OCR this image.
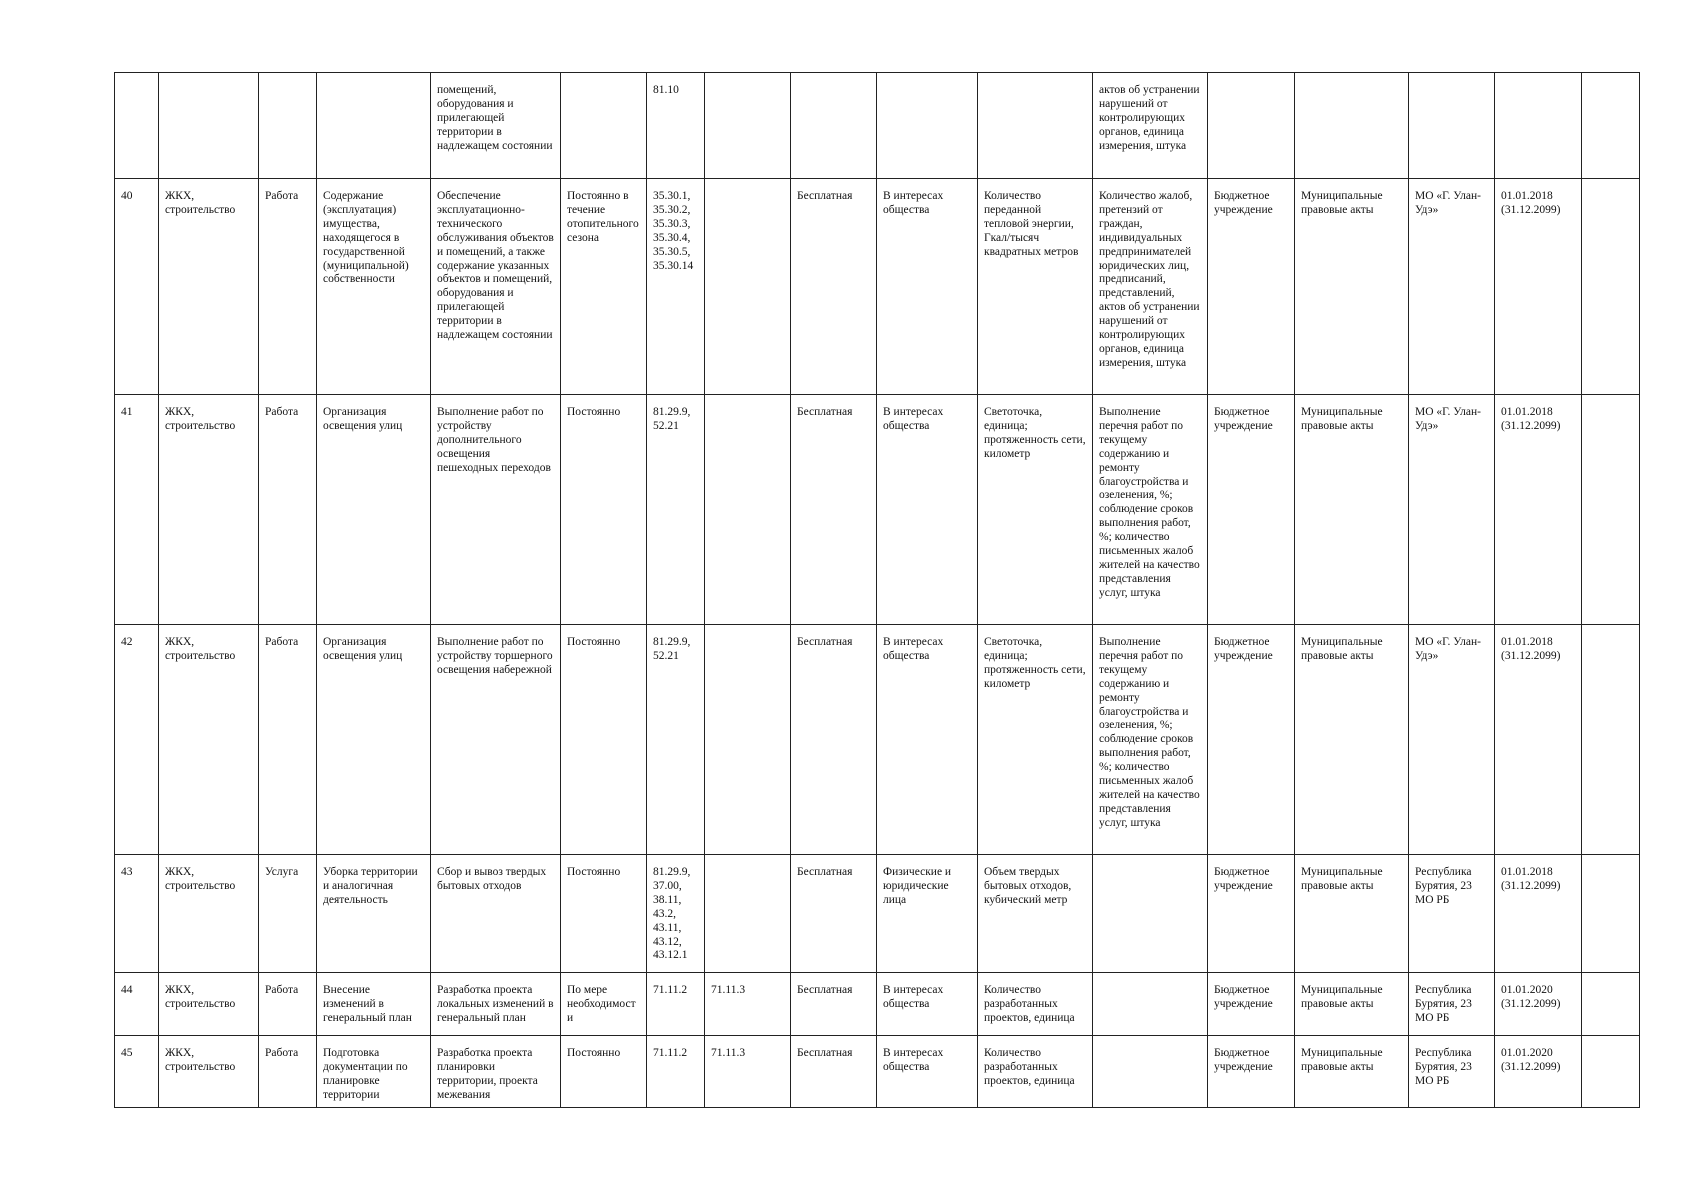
				помещений, оборудования и прилегающей территории в надлежащем состоянии		81.10					актов об устранении нарушений от контролирующих органов, единица измерения, штука					
40	ЖКХ, строительство	Работа	Содержание (эксплуатация) имущества, находящегося в государственной (муниципальной) собственности	Обеспечение эксплуатационно-технического обслуживания объектов и помещений, а также содержание указанных объектов и помещений, оборудования и прилегающей территории в надлежащем состоянии	Постоянно в течение отопительного сезона	35.30.1, 35.30.2, 35.30.3, 35.30.4, 35.30.5, 35.30.14		Бесплатная	В интересах общества	Количество переданной тепловой энергии, Гкал/тысяч квадратных метров	Количество жалоб, претензий от граждан, индивидуальных предпринимателей юридических лиц, предписаний, представлений, актов об устранении нарушений от контролирующих органов, единица измерения, штука	Бюджетное учреждение	Муниципальные правовые акты	МО «Г. Улан-Удэ»	01.01.2018 (31.12.2099)	
41	ЖКХ, строительство	Работа	Организация освещения улиц	Выполнение работ по устройству дополнительного освещения пешеходных переходов	Постоянно	81.29.9, 52.21		Бесплатная	В интересах общества	Светоточка, единица; протяженность сети, километр	Выполнение перечня работ по текущему содержанию и ремонту благоустройства и озеленения, %; соблюдение сроков выполнения работ, %; количество письменных жалоб жителей на качество представления услуг, штука	Бюджетное учреждение	Муниципальные правовые акты	МО «Г. Улан-Удэ»	01.01.2018 (31.12.2099)	
42	ЖКХ, строительство	Работа	Организация освещения улиц	Выполнение работ по устройству торшерного освещения набережной	Постоянно	81.29.9, 52.21		Бесплатная	В интересах общества	Светоточка, единица; протяженность сети, километр	Выполнение перечня работ по текущему содержанию и ремонту благоустройства и озеленения, %; соблюдение сроков выполнения работ, %; количество письменных жалоб жителей на качество представления услуг, штука	Бюджетное учреждение	Муниципальные правовые акты	МО «Г. Улан-Удэ»	01.01.2018 (31.12.2099)	
43	ЖКХ, строительство	Услуга	Уборка территории и аналогичная деятельность	Сбор и вывоз твердых бытовых отходов	Постоянно	81.29.9, 37.00, 38.11, 43.2, 43.11, 43.12, 43.12.1		Бесплатная	Физические и юридические лица	Объем твердых бытовых отходов, кубический метр		Бюджетное учреждение	Муниципальные правовые акты	Республика Бурятия, 23 МО РБ	01.01.2018 (31.12.2099)	
44	ЖКХ, строительство	Работа	Внесение изменений в генеральный план	Разработка проекта локальных изменений в генеральный план	По мере необходимости	71.11.2	71.11.3	Бесплатная	В интересах общества	Количество разработанных проектов, единица		Бюджетное учреждение	Муниципальные правовые акты	Республика Бурятия, 23 МО РБ	01.01.2020 (31.12.2099)	
45	ЖКХ, строительство	Работа	Подготовка документации по планировке территории	Разработка проекта планировки территории, проекта межевания	Постоянно	71.11.2	71.11.3	Бесплатная	В интересах общества	Количество разработанных проектов, единица		Бюджетное учреждение	Муниципальные правовые акты	Республика Бурятия, 23 МО РБ	01.01.2020 (31.12.2099)	
